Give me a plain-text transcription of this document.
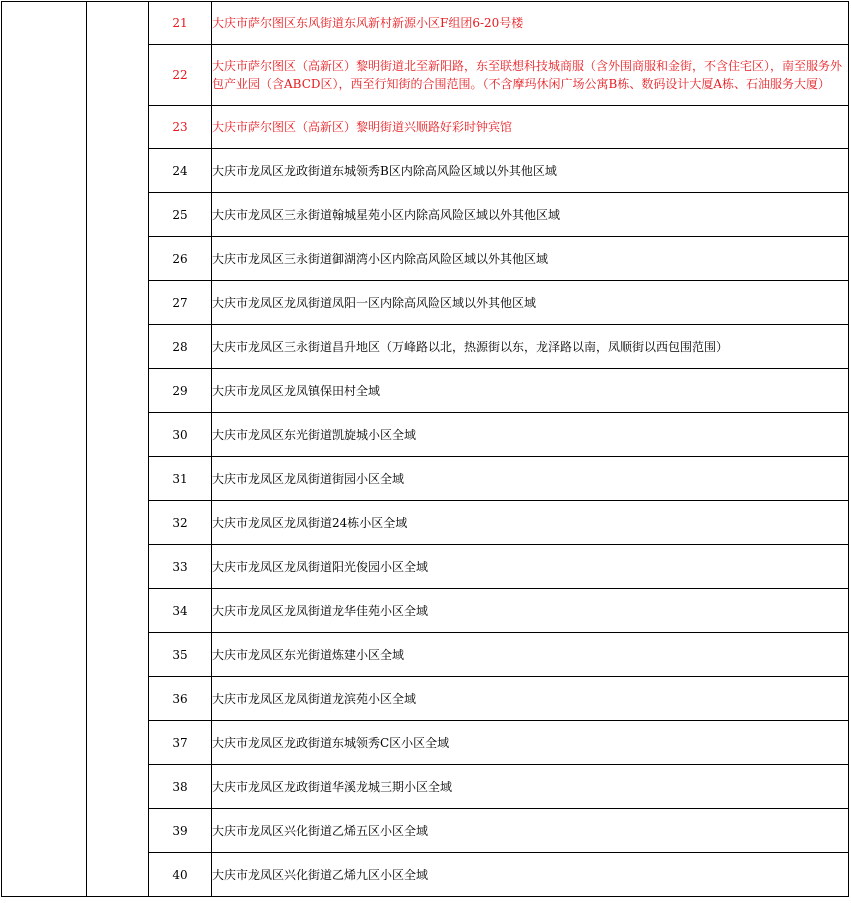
		21	大庆市萨尔图区东风街道东风新村新源小区F组团6-20号楼
		22	大庆市萨尔图区（高新区）黎明街道北至新阳路，东至联想科技城商服（含外围商服和金街，不含住宅区），南至服务外包产业园（含ABCD区），西至行知街的合围范围。（不含摩玛休闲广场公寓B栋、数码设计大厦A栋、石油服务大厦）
		23	大庆市萨尔图区（高新区）黎明街道兴顺路好彩时钟宾馆
		24	大庆市龙凤区龙政街道东城领秀B区内除高风险区域以外其他区域
		25	大庆市龙凤区三永街道翰城星苑小区内除高风险区域以外其他区域
		26	大庆市龙凤区三永街道御湖湾小区内除高风险区域以外其他区域
		27	大庆市龙凤区龙凤街道凤阳一区内除高风险区域以外其他区域
		28	大庆市龙凤区三永街道昌升地区（万峰路以北，热源街以东，龙泽路以南，凤顺街以西包围范围）
		29	大庆市龙凤区龙凤镇保田村全域
		30	大庆市龙凤区东光街道凯旋城小区全域
		31	大庆市龙凤区龙凤街道街园小区全域
		32	大庆市龙凤区龙凤街道24栋小区全域
		33	大庆市龙凤区龙凤街道阳光俊园小区全域
		34	大庆市龙凤区龙凤街道龙华佳苑小区全域
		35	大庆市龙凤区东光街道炼建小区全域
		36	大庆市龙凤区龙凤街道龙滨苑小区全域
		37	大庆市龙凤区龙政街道东城领秀C区小区全域
		38	大庆市龙凤区龙政街道华溪龙城三期小区全域
		39	大庆市龙凤区兴化街道乙烯五区小区全域
		40	大庆市龙凤区兴化街道乙烯九区小区全域
